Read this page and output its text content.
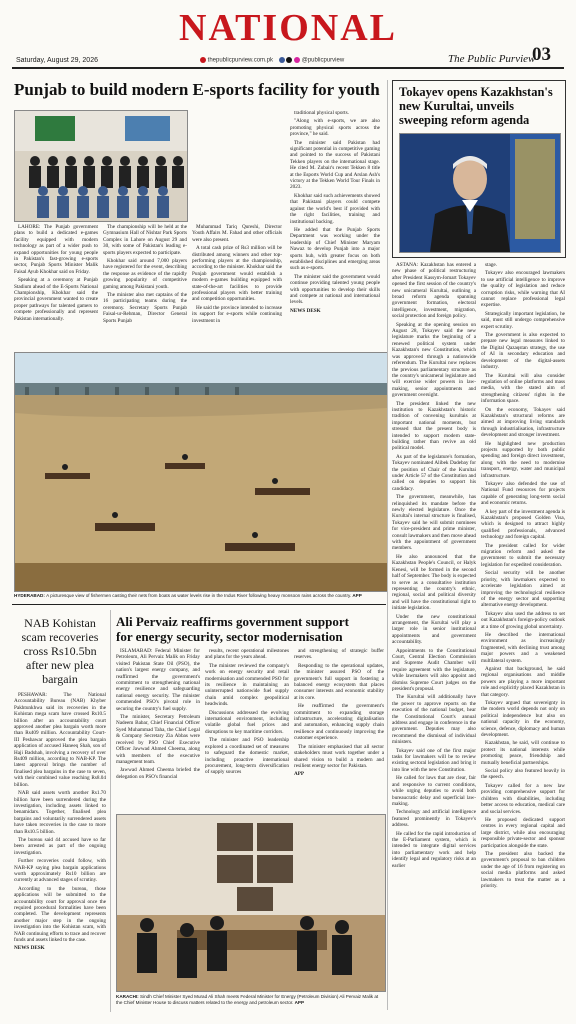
NATIONAL
Saturday, August 29, 2026	thepublicpurview.com.pk	@publicpurview	The Public Purview
03
Punjab to build modern E-sports facility for youth

LAHORE: The Punjab government plans to build a dedicated e-games facility equipped with modern technology as part of a wider push to expand opportunities for young people in Pakistan's fast-growing e-sports sector, Punjab Sports Minister Malik Faisal Ayub Khokhar said on Friday.

Speaking at a ceremony at Punjab Stadium ahead of the E-Sports National Championship, Khokhar said the provincial government wanted to create proper pathways for talented gamers to compete professionally and represent Pakistan internationally.

The championship will be held at the Gymnasium Hall of Nishtar Park Sports Complex in Lahore on August 29 and 30, with some of Pakistan's leading e-sports players expected to participate.

Khokhar said around 7,000 players have registered for the event, describing the response as evidence of the rapidly growing popularity of competitive gaming among Pakistani youth.

The minister also met captains of the 16 participating teams during the ceremony. Secretary Sports Punjab Faisal-ur-Rehman, Director General Sports Punjab

Muhammad Tariq Qureshi, Director Youth Affairs M. Fahad and other officials were also present.

A total cash prize of Rs3 million will be distributed among winners and other top-performing players at the championship, according to the minister. Khokhar said the Punjab government would establish a modern e-games building equipped with state-of-the-art facilities to provide professional players with better training and competition opportunities.

He said the province intended to increase its support for e-sports while continuing investment in

traditional physical sports.

"Along with e-sports, we are also promoting physical sports across the province," he said.

The minister said Pakistan had significant potential in competitive gaming and pointed to the success of Pakistani Tekken players on the international stage. He cited M. Zubair's recent Tekken 8 title at the Esports World Cup and Arslan Ash's victory at the Tekken World Tour Finals in 2023.

Khokhar said such achievements showed that Pakistani players could compete against the world's best if provided with the right facilities, training and institutional backing.

He added that the Punjab Sports Department was working under the leadership of Chief Minister Maryam Nawaz to develop Punjab into a major sports hub, with greater focus on both established disciplines and emerging areas such as e-sports.

The minister said the government would continue providing talented young people with opportunities to develop their skills and compete at national and international levels.

NEWS DESK
HYDERABAD: A picturesque view of fishermen casting their nets from boats as water levels rise in the Indus River following heavy monsoon rains across the country. APP
Tokayev opens Kazakhstan's
new Kurultai, unveils
sweeping reform agenda

ASTANA: Kazakhstan has entered a new phase of political restructuring after President Kassym-Jomart Tokayev opened the first session of the country's new unicameral Kurultai, outlining a broad reform agenda spanning government formation, electoral intelligence, investment, migration, social protection and foreign policy.

Speaking at the opening session on August 28, Tokayev said the new legislature marks the beginning of a renewed political system under Kazakhstan's new Constitution, which was approved through a nationwide referendum. The Kurultai now replaces the previous parliamentary structure as the country's unicameral legislature and will exercise wider powers in law-making, senior appointments and government oversight.

The president linked the new institution to Kazakhstan's historic tradition of convening kurultais at important national moments, but stressed that the present body is intended to support modern state-building rather than revive an old political model.

As part of the legislature's formation, Tokayev nominated Alibek Dadebay for the position of Chair of the Kurultai under Article 57 of the Constitution and called on deputies to support his candidacy.

The government, meanwhile, has relinquished its mandate before the newly elected legislature. Once the Kurultai's internal structure is finalised, Tokayev said he will submit nominees for vice-president and prime minister, consult lawmakers and then move ahead with the appointment of government members.

He also announced that the Kazakhstan People's Council, or Halyk Kenesi, will be formed in the second half of September. The body is expected to serve as a consultative institution representing the country's ethnic, regional, social and political diversity and will have the constitutional right to initiate legislation.

Under the new constitutional arrangement, the Kurultai will play a larger role in senior institutional appointments and government accountability.

Appointments to the Constitutional Court, Central Election Commission and Supreme Audit Chamber will require agreement with the legislature, while lawmakers will also appoint and dismiss Supreme Court judges on the president's proposal.

The Kurultai will additionally have the power to approve reports on the execution of the national budget, hear the Constitutional Court's annual address and engage in conference in the government. Deputies may also recommend the dismissal of individual ministers.

Tokayev said one of the first major tasks for lawmakers will be to review existing sectoral legislation and bring it into line with the new Constitution.

He called for laws that are clear, fair and responsive to current conditions, while urging deputies to avoid both bureaucratic delay and superficial law-making.

Technology and artificial intelligence featured prominently in Tokayev's address.

He called for the rapid introduction of the E-Parliament system, which is intended to integrate digital services into parliamentary work and help identify legal and regulatory risks at an earlier

stage.

Tokayev also encouraged lawmakers to use artificial intelligence to improve the quality of legislation and reduce corruption risks, while warning that AI cannot replace professional legal expertise.

Strategically important legislation, he said, must still undergo comprehensive expert scrutiny.

The government is also expected to prepare new legal measures linked to the Digital Qazaqstan strategy, the use of AI in secondary education and development of the digital-assets industry.

The Kurultai will also consider regulation of online platforms and mass media, with the stated aim of strengthening citizens' rights in the information space.

On the economy, Tokayev said Kazakhstan's structural reforms are aimed at improving living standards through industrialisation, infrastructure development and stronger investment.

He highlighted new production projects supported by both public spending and foreign direct investment, along with the need to modernise transport, energy, water and municipal infrastructure.

Tokayev also defended the use of National Fund resources for projects capable of generating long-term social and economic returns.

A key part of the investment agenda is Kazakhstan's proposed Golden Visa, which is designed to attract highly qualified professionals, advanced technology and foreign capital.

The president called for wider migration reform and asked the government to submit the necessary legislation for expedited consideration.

Social security will be another priority, with lawmakers expected to accelerate legislation aimed at improving the technological resilience of the energy sector and supporting alternative energy development.

Tokayev also used the address to set out Kazakhstan's foreign-policy outlook at a time of growing global uncertainty.

He described the international environment as increasingly fragmented, with declining trust among major powers and a weakened multilateral system.

Against that background, he said regional organisations and middle powers are playing a more important role and explicitly placed Kazakhstan in that category.

Tokayev argued that sovereignty in the modern world depends not only on political independence but also on national capacity in the economy, science, defence, diplomacy and human development.

Kazakhstan, he said, will continue to protect its national interests while promoting peace, friendship and mutually beneficial partnerships.

Social policy also featured heavily in the speech.

Tokayev called for a new law providing comprehensive support for children with disabilities, including better access to education, medical care and social services.

He proposed dedicated support centres in every regional capital and large district, while also encouraging responsible private-sector and sponsor participation alongside the state.

The president also backed the government's proposal to ban children under the age of 16 from registering on social media platforms and asked lawmakers to treat the matter as a priority.

NAB Kohistan
scam recoveries
cross Rs10.5bn
after new plea
bargain

PESHAWAR: The National Accountability Bureau (NAB) Khyber Pakhtunkhwa said its recoveries in the Kohistan mega scam have crossed Rs10.5 billion after an accountability court approved another plea bargain worth more than Rs409 million. Accountability Court-III Peshawar approved the plea bargain application of accused Haneeq Shah, son of Haji Badshah, involving a recovery of over Rs409 million, according to NAB-KP. The latest approval brings the number of finalised plea bargains in the case to seven, with their combined value reaching Rs8.04 billion.

NAB said assets worth another Rs1.70 billion have been surrendered during the investigation, including assets linked to benamidars. Together, finalised plea bargains and voluntarily surrendered assets have taken recoveries in the case to more than Rs10.5 billion.

The bureau said 44 accused have so far been arrested as part of the ongoing investigation.

Further recoveries could follow, with NAB-KP saying plea bargain applications worth approximately Rs10 billion are currently at advanced stages of scrutiny.

According to the bureau, those applications will be submitted to the accountability court for approval once the required procedural formalities have been completed. The development represents another major step in the ongoing investigation into the Kohistan scam, with NAB continuing efforts to trace and recover funds and assets linked to the case.

NEWS DESK
Ali Pervaiz reaffirms government support
for energy security, sector modernisation

ISLAMABAD: Federal Minister for Petroleum, Ali Pervaiz Malik on Friday visited Pakistan State Oil (PSO), the nation's largest energy company, and reaffirmed the government's commitment to strengthening national energy resilience and safeguarding national energy security. The minister commended PSO's pivotal role in securing the country's fuel supply.

The minister, Secretary Petroleum Nadeem Babar, Chief Financial Officer Syed Muhammad Taha, the Chief Legal & Company Secretary Zia Abbas were received by PSO Chief Executive Officer Jawwad Ahmed Cheema, along with members of the executive management team.

Jawwad Ahmed Cheema briefed the delegation on PSO's financial

results, recent operational milestones and plans for the years ahead.

The minister reviewed the company's work on energy security and retail modernisation and commended PSO for its resilience in maintaining an uninterrupted nationwide fuel supply chain amid complex geopolitical headwinds.

Discussions addressed the evolving international environment, including volatile global fuel prices and disruptions to key maritime corridors.

The minister and PSO leadership explored a coordinated set of measures to safeguard the domestic market, including proactive international procurement, long-term diversification of supply sources

and strengthening of strategic buffer reserves.

Responding to the operational updates, the minister assured PSO of the government's full support in fostering a balanced energy ecosystem that places consumer interests and economic stability at its core.

He reaffirmed the government's commitment to expanding storage infrastructure, accelerating digitalisation and automation, enhancing supply chain resilience and continuously improving the customer experience.

The minister emphasised that all sector stakeholders must work together under a shared vision to build a modern and resilient energy sector for Pakistan.

APP
KARACHI: Sindh Chief Minister Syed Murad Ali Shah meets Federal Minister for Energy (Petroleum Division) Ali Pervaiz Malik at the Chief Minister House to discuss matters related to the energy and petroleum sector. APP
